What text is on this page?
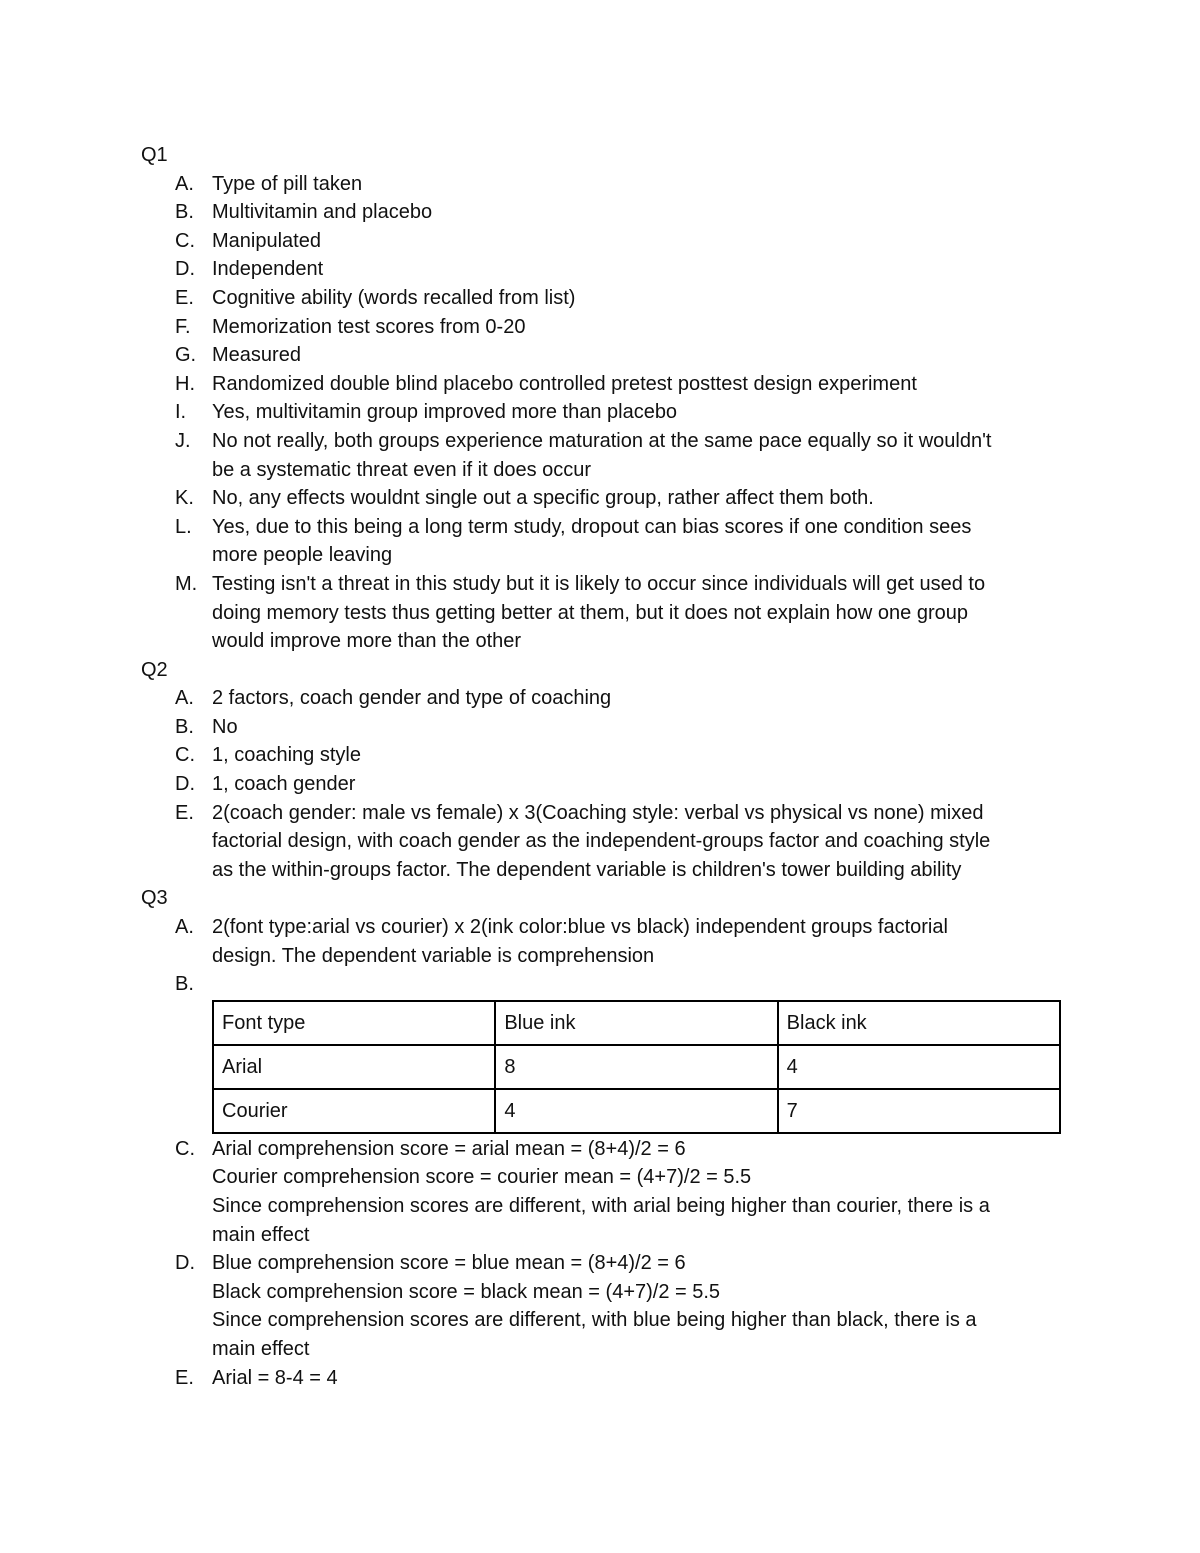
Q1
A. Type of pill taken
B. Multivitamin and placebo
C. Manipulated
D. Independent
E. Cognitive ability (words recalled from list)
F. Memorization test scores from 0-20
G. Measured
H. Randomized double blind placebo controlled pretest posttest design experiment
I. Yes, multivitamin group improved more than placebo
J. No not really, both groups experience maturation at the same pace equally so it wouldn't
be a systematic threat even if it does occur
K. No, any effects wouldnt single out a specific group, rather affect them both.
L. Yes, due to this being a long term study, dropout can bias scores if one condition sees
more people leaving
M. Testing isn't a threat in this study but it is likely to occur since individuals will get used to
doing memory tests thus getting better at them, but it does not explain how one group
would improve more than the other
Q2
A. 2 factors, coach gender and type of coaching
B. No
C. 1, coaching style
D. 1, coach gender
E. 2(coach gender: male vs female) x 3(Coaching style: verbal vs physical vs none) mixed
factorial design, with coach gender as the independent-groups factor and coaching style
as the within-groups factor. The dependent variable is children's tower building ability
Q3
A. 2(font type:arial vs courier) x 2(ink color:blue vs black) independent groups factorial
design. The dependent variable is comprehension
B.

Font type	Blue ink	Black ink
Arial	8	4
Courier	4	7
C. Arial comprehension score = arial mean = (8+4)/2 = 6
Courier comprehension score = courier mean = (4+7)/2 = 5.5
Since comprehension scores are different, with arial being higher than courier, there is a
main effect
D. Blue comprehension score = blue mean = (8+4)/2 = 6
Black comprehension score = black mean = (4+7)/2 = 5.5
Since comprehension scores are different, with blue being higher than black, there is a
main effect
E. Arial = 8-4 = 4
